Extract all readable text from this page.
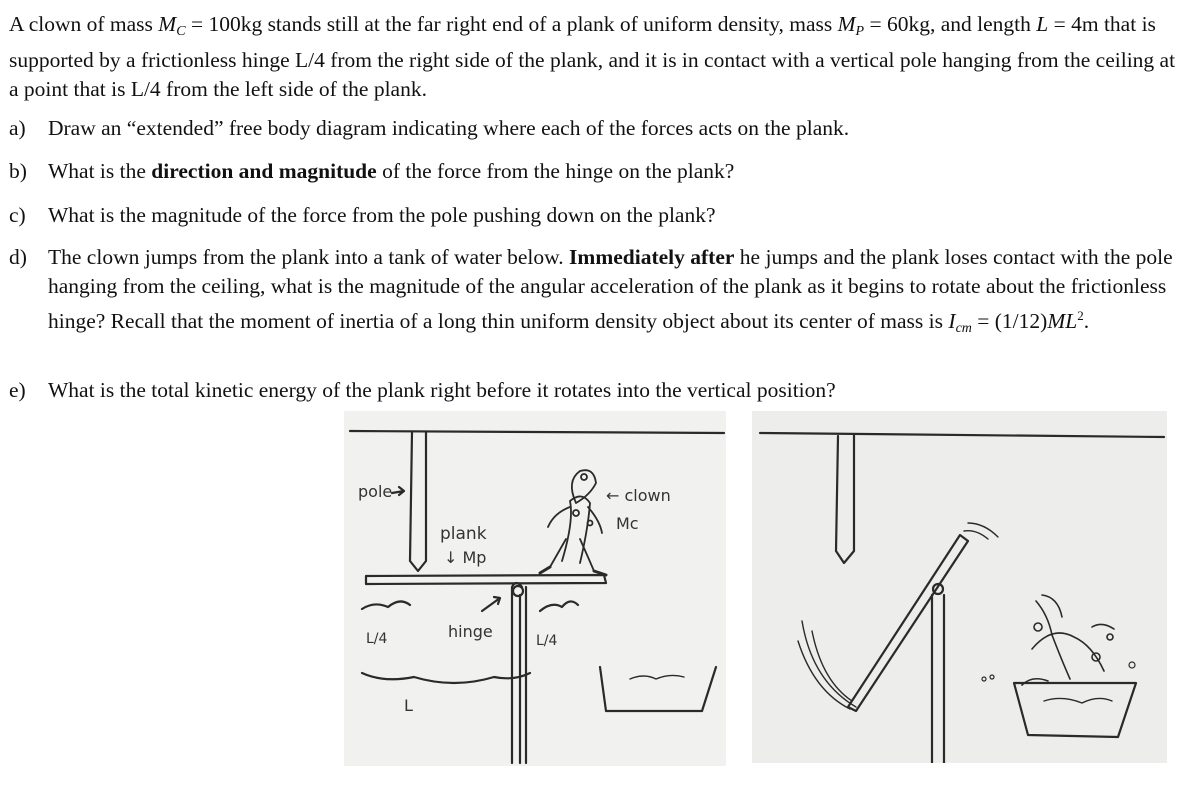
A clown of mass $M_C = 100kg$ stands still at the far right end of a plank of uniform density, mass $M_P = 60kg$, and length L = 4m that is supported by a frictionless hinge L/4 from the right side of the plank, and it is in contact with a vertical pole hanging from the ceiling at a point that is L/4 from the left side of the plank.
a)	Draw an “extended” free body diagram indicating where each of the forces acts on the plank.
b) What is the direction and magnitude of the force from the hinge on the plank?
c)	What is the magnitude of the force from the pole pushing down on the plank?
d) The clown jumps from the plank into a tank of water below. Immediately after he jumps and the plank loses contact with the pole hanging from the ceiling, what is the magnitude of the angular acceleration of the plank as it begins to rotate about the frictionless hinge? Recall that the moment of inertia of a long thin uniform density object about its center of mass is $I_{cm} = (1/12)ML^2$.
e)	What is the total kinetic energy of the plank right before it rotates into the vertical position?
pole
plank
↓ Mp
← clown
Mc
hinge
L/4	L/4
L
